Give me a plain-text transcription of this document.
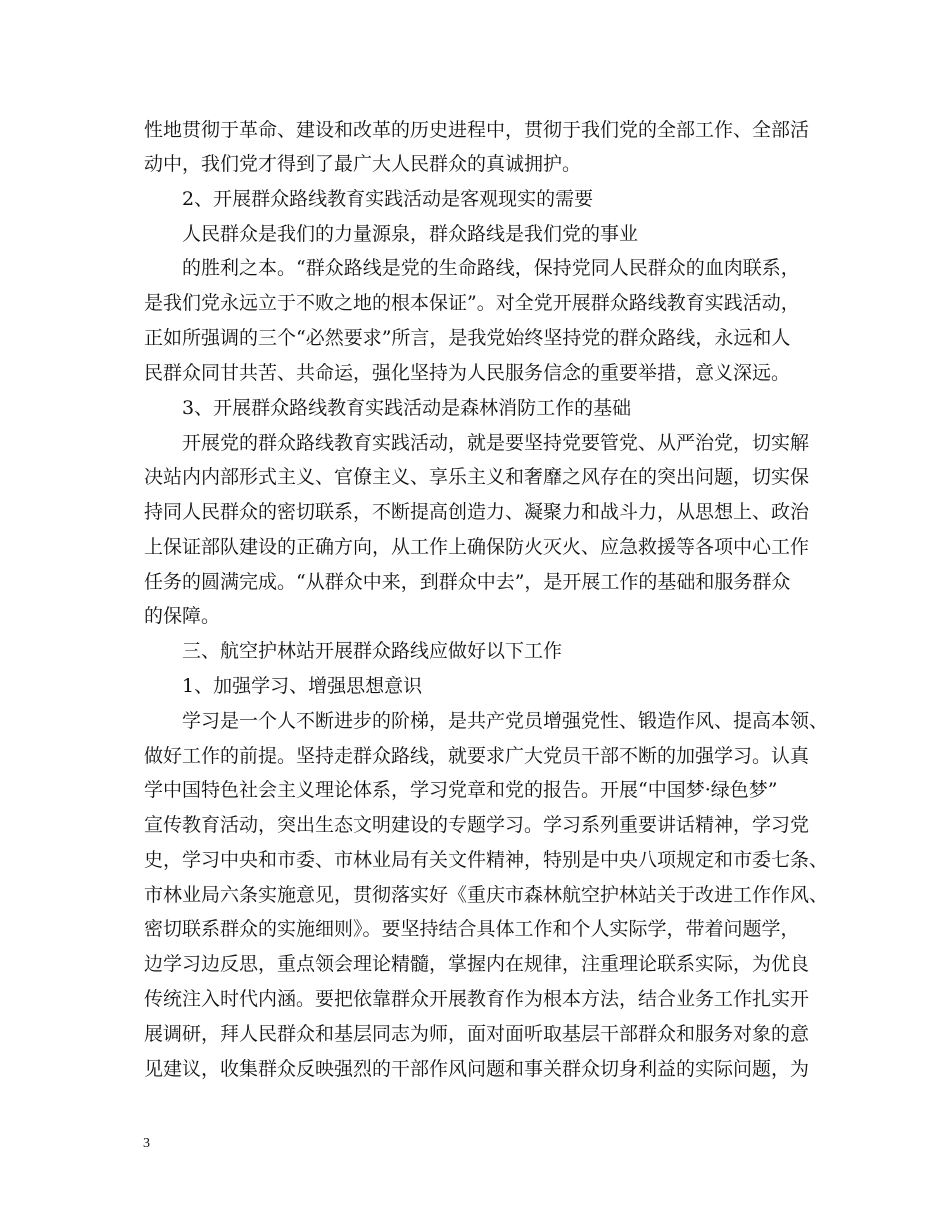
性地贯彻于革命、建设和改革的历史进程中，贯彻于我们党的全部工作、全部活
动中，我们党才得到了最广大人民群众的真诚拥护。
2、开展群众路线教育实践活动是客观现实的需要
人民群众是我们的力量源泉，群众路线是我们党的事业
的胜利之本。“群众路线是党的生命路线，保持党同人民群众的血肉联系，
是我们党永远立于不败之地的根本保证”。对全党开展群众路线教育实践活动，
正如所强调的三个“必然要求”所言，是我党始终坚持党的群众路线，永远和人
民群众同甘共苦、共命运，强化坚持为人民服务信念的重要举措，意义深远。
3、开展群众路线教育实践活动是森林消防工作的基础
开展党的群众路线教育实践活动，就是要坚持党要管党、从严治党，切实解
决站内内部形式主义、官僚主义、享乐主义和奢靡之风存在的突出问题，切实保
持同人民群众的密切联系，不断提高创造力、凝聚力和战斗力，从思想上、政治
上保证部队建设的正确方向，从工作上确保防火灭火、应急救援等各项中心工作
任务的圆满完成。“从群众中来，到群众中去”，是开展工作的基础和服务群众
的保障。
三、航空护林站开展群众路线应做好以下工作
1、加强学习、增强思想意识
学习是一个人不断进步的阶梯，是共产党员增强党性、锻造作风、提高本领、
做好工作的前提。坚持走群众路线，就要求广大党员干部不断的加强学习。认真
学中国特色社会主义理论体系，学习党章和党的报告。开展“中国梦·绿色梦”
宣传教育活动，突出生态文明建设的专题学习。学习系列重要讲话精神，学习党
史，学习中央和市委、市林业局有关文件精神，特别是中央八项规定和市委七条、
市林业局六条实施意见，贯彻落实好《重庆市森林航空护林站关于改进工作作风、
密切联系群众的实施细则》。要坚持结合具体工作和个人实际学，带着问题学，
边学习边反思，重点领会理论精髓，掌握内在规律，注重理论联系实际，为优良
传统注入时代内涵。要把依靠群众开展教育作为根本方法，结合业务工作扎实开
展调研，拜人民群众和基层同志为师，面对面听取基层干部群众和服务对象的意
见建议，收集群众反映强烈的干部作风问题和事关群众切身利益的实际问题，为
3
